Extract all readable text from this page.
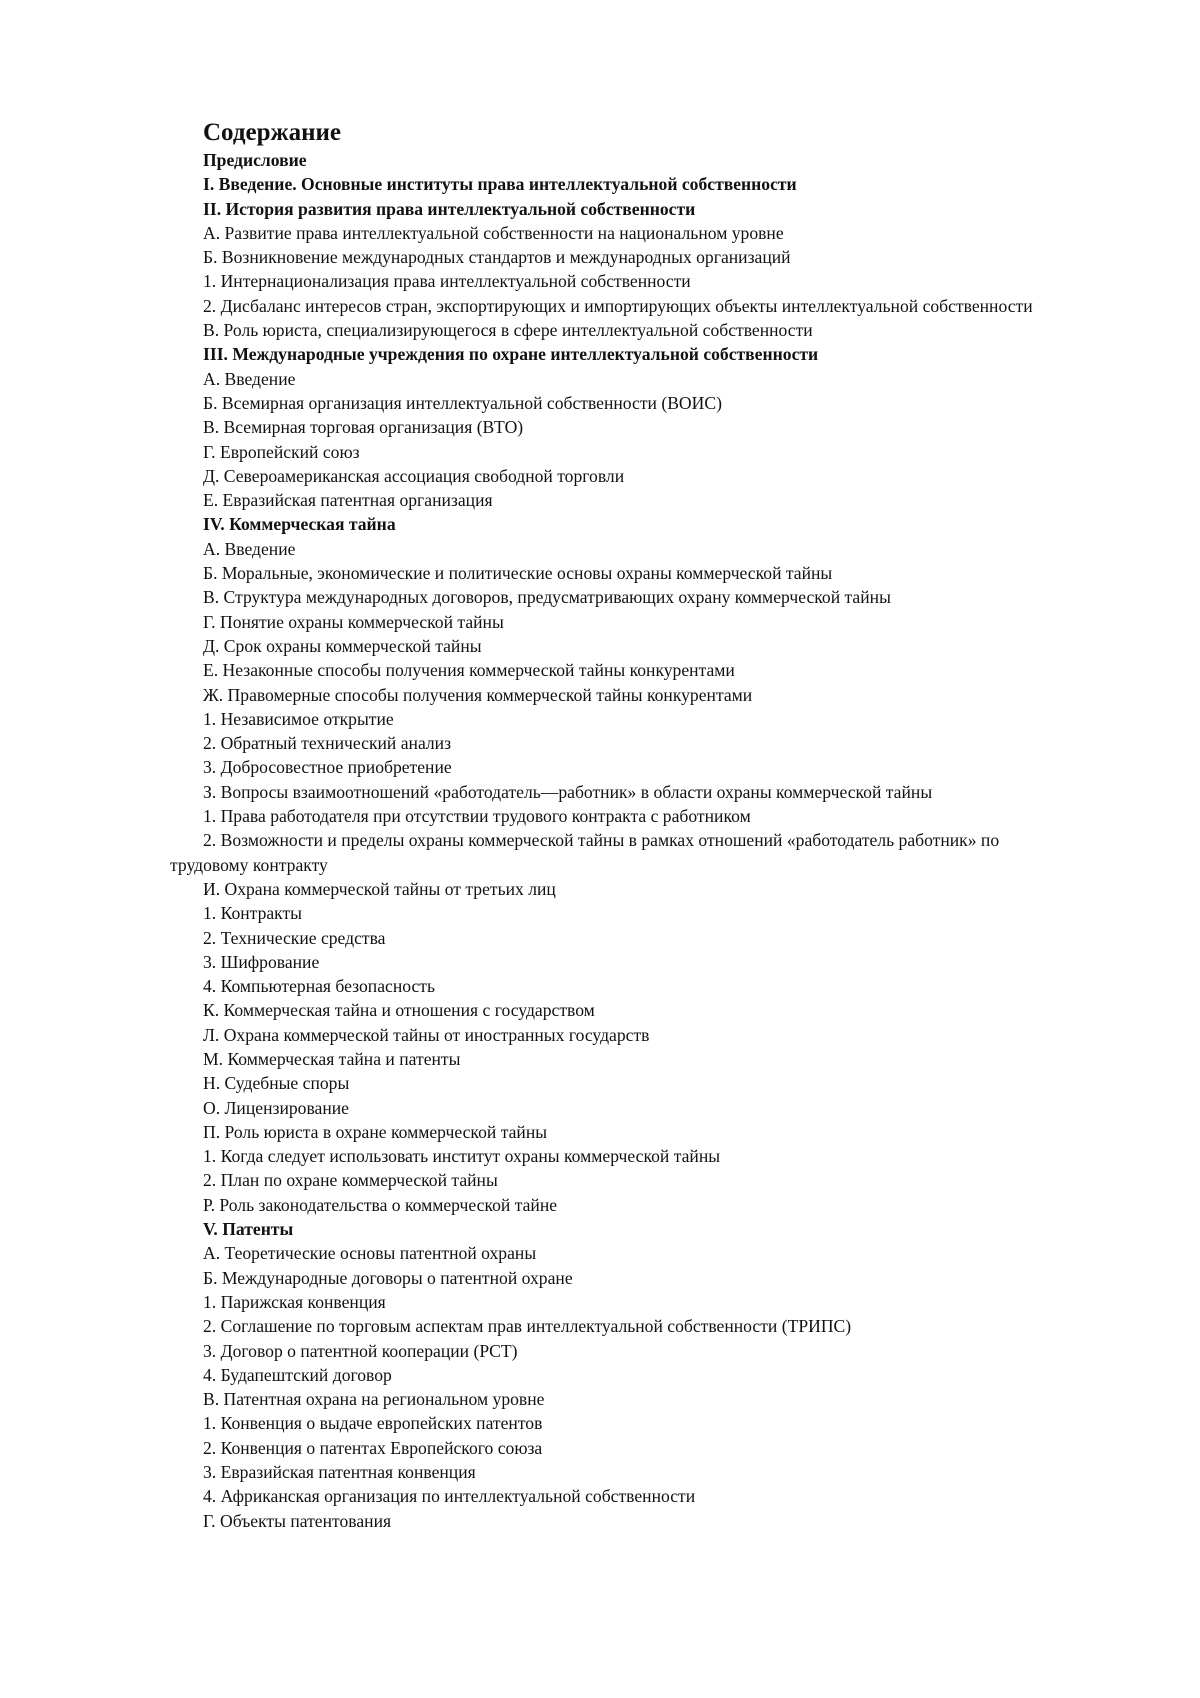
Содержание
Предисловие
I. Введение. Основные институты права интеллектуальной собственности
II. История развития права интеллектуальной собственности
А. Развитие права интеллектуальной собственности на национальном уровне
Б. Возникновение международных стандартов и международных организаций
1. Интернационализация права интеллектуальной собственности
2. Дисбаланс интересов стран, экспортирующих и импортирующих объекты интеллектуальной собственности
В. Роль юриста, специализирующегося в сфере интеллектуальной собственности
III. Международные учреждения по охране интеллектуальной собственности
А. Введение
Б. Всемирная организация интеллектуальной собственности (ВОИС)
В. Всемирная торговая организация (ВТО)
Г. Европейский союз
Д. Североамериканская ассоциация свободной торговли
Е. Евразийская патентная организация
IV. Коммерческая тайна
А. Введение
Б. Моральные, экономические и политические основы охраны коммерческой тайны
В. Структура международных договоров, предусматривающих охрану коммерческой тайны
Г. Понятие охраны коммерческой тайны
Д. Срок охраны коммерческой тайны
Е. Незаконные способы получения коммерческой тайны конкурентами
Ж. Правомерные способы получения коммерческой тайны конкурентами
1. Независимое открытие
2. Обратный технический анализ
3. Добросовестное приобретение
З. Вопросы взаимоотношений «работодатель—работник» в области охраны коммерческой тайны
1. Права работодателя при отсутствии трудового контракта с работником
2. Возможности и пределы охраны коммерческой тайны в рамках отношений «работодатель работник» по трудовому контракту
И. Охрана коммерческой тайны от третьих лиц
1. Контракты
2. Технические средства
3. Шифрование
4. Компьютерная безопасность
К. Коммерческая тайна и отношения с государством
Л. Охрана коммерческой тайны от иностранных государств
М. Коммерческая тайна и патенты
Н. Судебные споры
О. Лицензирование
П. Роль юриста в охране коммерческой тайны
1. Когда следует использовать институт охраны коммерческой тайны
2. План по охране коммерческой тайны
Р. Роль законодательства о коммерческой тайне
V. Патенты
А. Теоретические основы патентной охраны
Б. Международные договоры о патентной охране
1. Парижская конвенция
2. Соглашение по торговым аспектам прав интеллектуальной собственности (ТРИПС)
3. Договор о патентной кооперации (PCT)
4. Будапештский договор
В. Патентная охрана на региональном уровне
1. Конвенция о выдаче европейских патентов
2. Конвенция о патентах Европейского союза
3. Евразийская патентная конвенция
4. Африканская организация по интеллектуальной собственности
Г. Объекты патентования
